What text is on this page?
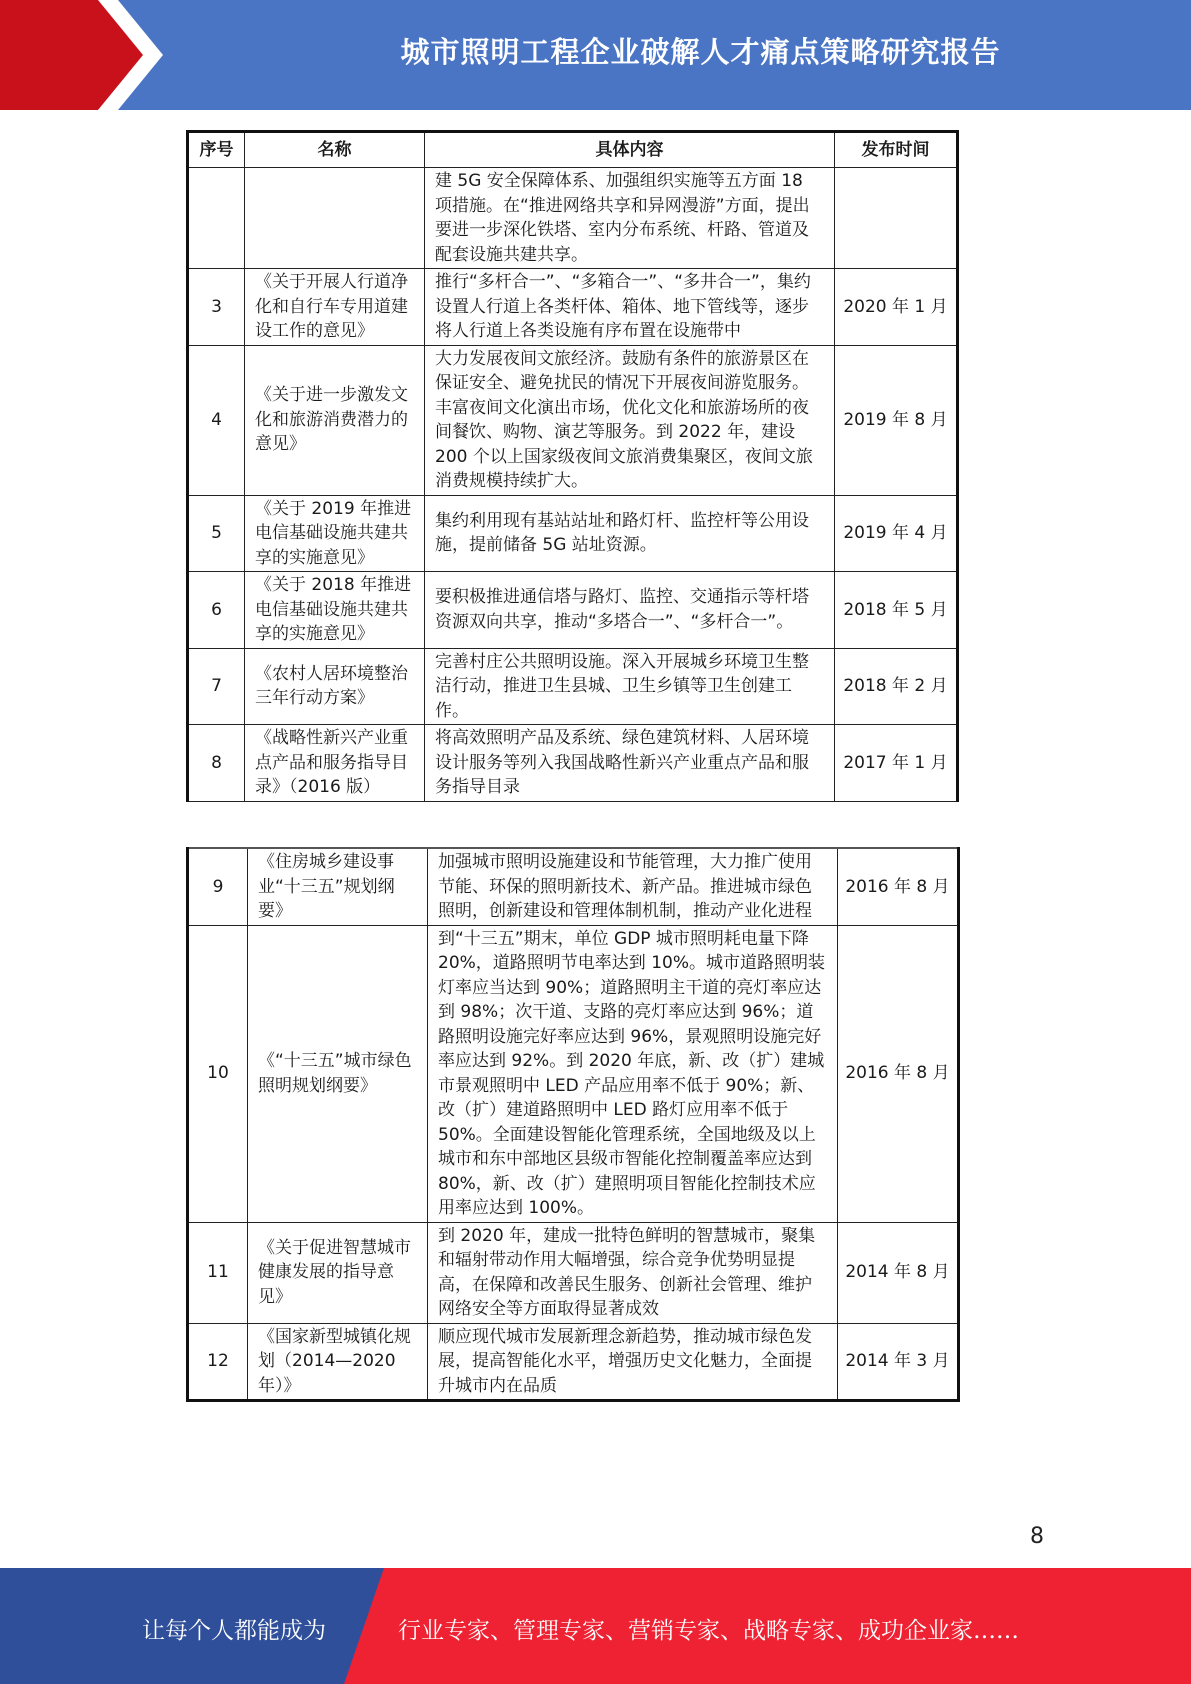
城市照明工程企业破解人才痛点策略研究报告
序号	名称	具体内容	发布时间
		建 5G 安全保障体系、加强组织实施等五方面 18 项措施。在“推进网络共享和异网漫游”方面，提出要进一步深化铁塔、室内分布系统、杆路、管道及配套设施共建共享。	
3	《关于开展人行道净化和自行车专用道建设工作的意见》	推行“多杆合一”、“多箱合一”、“多井合一”，集约设置人行道上各类杆体、箱体、地下管线等，逐步将人行道上各类设施有序布置在设施带中	2020 年 1 月
4	《关于进一步激发文化和旅游消费潜力的意见》	大力发展夜间文旅经济。鼓励有条件的旅游景区在保证安全、避免扰民的情况下开展夜间游览服务。丰富夜间文化演出市场，优化文化和旅游场所的夜间餐饮、购物、演艺等服务。到 2022 年，建设 200 个以上国家级夜间文旅消费集聚区，夜间文旅消费规模持续扩大。	2019 年 8 月
5	《关于 2019 年推进电信基础设施共建共享的实施意见》	集约利用现有基站站址和路灯杆、监控杆等公用设施，提前储备 5G 站址资源。	2019 年 4 月
6	《关于 2018 年推进电信基础设施共建共享的实施意见》	要积极推进通信塔与路灯、监控、交通指示等杆塔资源双向共享，推动“多塔合一”、“多杆合一”。	2018 年 5 月
7	《农村人居环境整治三年行动方案》	完善村庄公共照明设施。深入开展城乡环境卫生整洁行动，推进卫生县城、卫生乡镇等卫生创建工作。	2018 年 2 月
8	《战略性新兴产业重点产品和服务指导目录》（2016 版）	将高效照明产品及系统、绿色建筑材料、人居环境设计服务等列入我国战略性新兴产业重点产品和服务指导目录	2017 年 1 月
9	《住房城乡建设事业“十三五”规划纲要》	加强城市照明设施建设和节能管理，大力推广使用节能、环保的照明新技术、新产品。推进城市绿色照明，创新建设和管理体制机制，推动产业化进程	2016 年 8 月
10	《“十三五”城市绿色照明规划纲要》	到“十三五”期末，单位 GDP 城市照明耗电量下降 20%，道路照明节电率达到 10%。城市道路照明装灯率应当达到 90%；道路照明主干道的亮灯率应达到 98%；次干道、支路的亮灯率应达到 96%；道路照明设施完好率应达到 96%，景观照明设施完好率应达到 92%。到 2020 年底，新、改（扩）建城市景观照明中 LED 产品应用率不低于 90%；新、改（扩）建道路照明中 LED 路灯应用率不低于 50%。全面建设智能化管理系统，全国地级及以上城市和东中部地区县级市智能化控制覆盖率应达到 80%，新、改（扩）建照明项目智能化控制技术应用率应达到 100%。	2016 年 8 月
11	《关于促进智慧城市健康发展的指导意见》	到 2020 年，建成一批特色鲜明的智慧城市，聚集和辐射带动作用大幅增强，综合竞争优势明显提高，在保障和改善民生服务、创新社会管理、维护网络安全等方面取得显著成效	2014 年 8 月
12	《国家新型城镇化规划（2014—2020 年）》	顺应现代城市发展新理念新趋势，推动城市绿色发展，提高智能化水平，增强历史文化魅力，全面提升城市内在品质	2014 年 3 月
8
让每个人都能成为	行业专家、管理专家、营销专家、战略专家、成功企业家……
